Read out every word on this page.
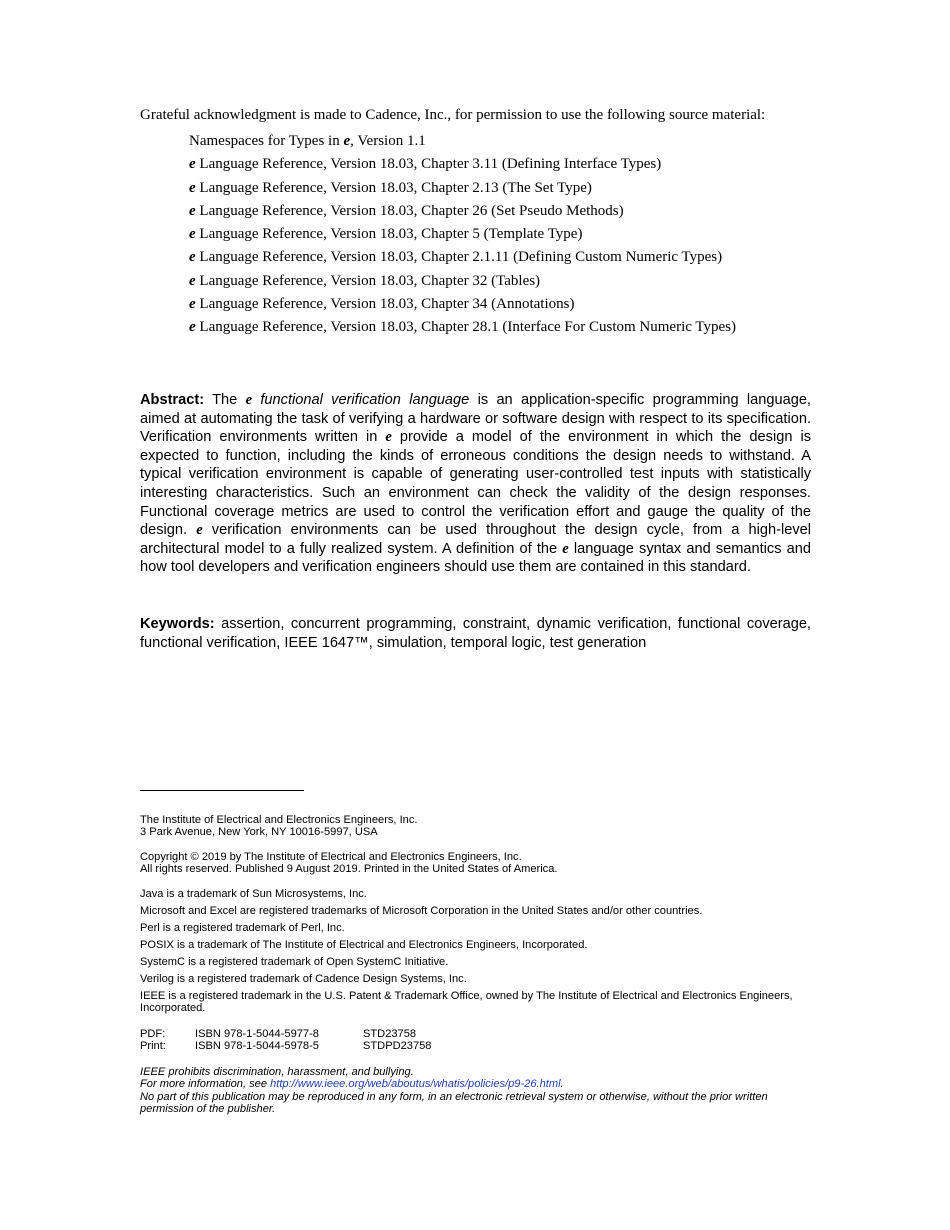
Grateful acknowledgment is made to Cadence, Inc., for permission to use the following source material:
Namespaces for Types in e, Version 1.1
e Language Reference, Version 18.03, Chapter 3.11 (Defining Interface Types)
e Language Reference, Version 18.03, Chapter 2.13 (The Set Type)
e Language Reference, Version 18.03, Chapter 26 (Set Pseudo Methods)
e Language Reference, Version 18.03, Chapter 5 (Template Type)
e Language Reference, Version 18.03, Chapter 2.1.11 (Defining Custom Numeric Types)
e Language Reference, Version 18.03, Chapter 32 (Tables)
e Language Reference, Version 18.03, Chapter 34 (Annotations)
e Language Reference, Version 18.03, Chapter 28.1 (Interface For Custom Numeric Types)
Abstract: The e functional verification language is an application-specific programming language, aimed at automating the task of verifying a hardware or software design with respect to its specification. Verification environments written in e provide a model of the environment in which the design is expected to function, including the kinds of erroneous conditions the design needs to withstand. A typical verification environment is capable of generating user-controlled test inputs with statistically interesting characteristics. Such an environment can check the validity of the design responses. Functional coverage metrics are used to control the verification effort and gauge the quality of the design. e verification environments can be used throughout the design cycle, from a high-level architectural model to a fully realized system. A definition of the e language syntax and semantics and how tool developers and verification engineers should use them are contained in this standard.
Keywords: assertion, concurrent programming, constraint, dynamic verification, functional coverage, functional verification, IEEE 1647™, simulation, temporal logic, test generation
The Institute of Electrical and Electronics Engineers, Inc.
3 Park Avenue, New York, NY 10016-5997, USA
Copyright © 2019 by The Institute of Electrical and Electronics Engineers, Inc.
All rights reserved. Published 9 August 2019. Printed in the United States of America.
Java is a trademark of Sun Microsystems, Inc.
Microsoft and Excel are registered trademarks of Microsoft Corporation in the United States and/or other countries.
Perl is a registered trademark of Perl, Inc.
POSIX is a trademark of The Institute of Electrical and Electronics Engineers, Incorporated.
SystemC is a registered trademark of Open SystemC Initiative.
Verilog is a registered trademark of Cadence Design Systems, Inc.
IEEE is a registered trademark in the U.S. Patent & Trademark Office, owned by The Institute of Electrical and Electronics Engineers, Incorporated.
PDF:	ISBN 978-1-5044-5977-8	STD23758
Print:	ISBN 978-1-5044-5978-5	STDPD23758
IEEE prohibits discrimination, harassment, and bullying.
For more information, see http://www.ieee.org/web/aboutus/whatis/policies/p9-26.html.
No part of this publication may be reproduced in any form, in an electronic retrieval system or otherwise, without the prior written permission of the publisher.
